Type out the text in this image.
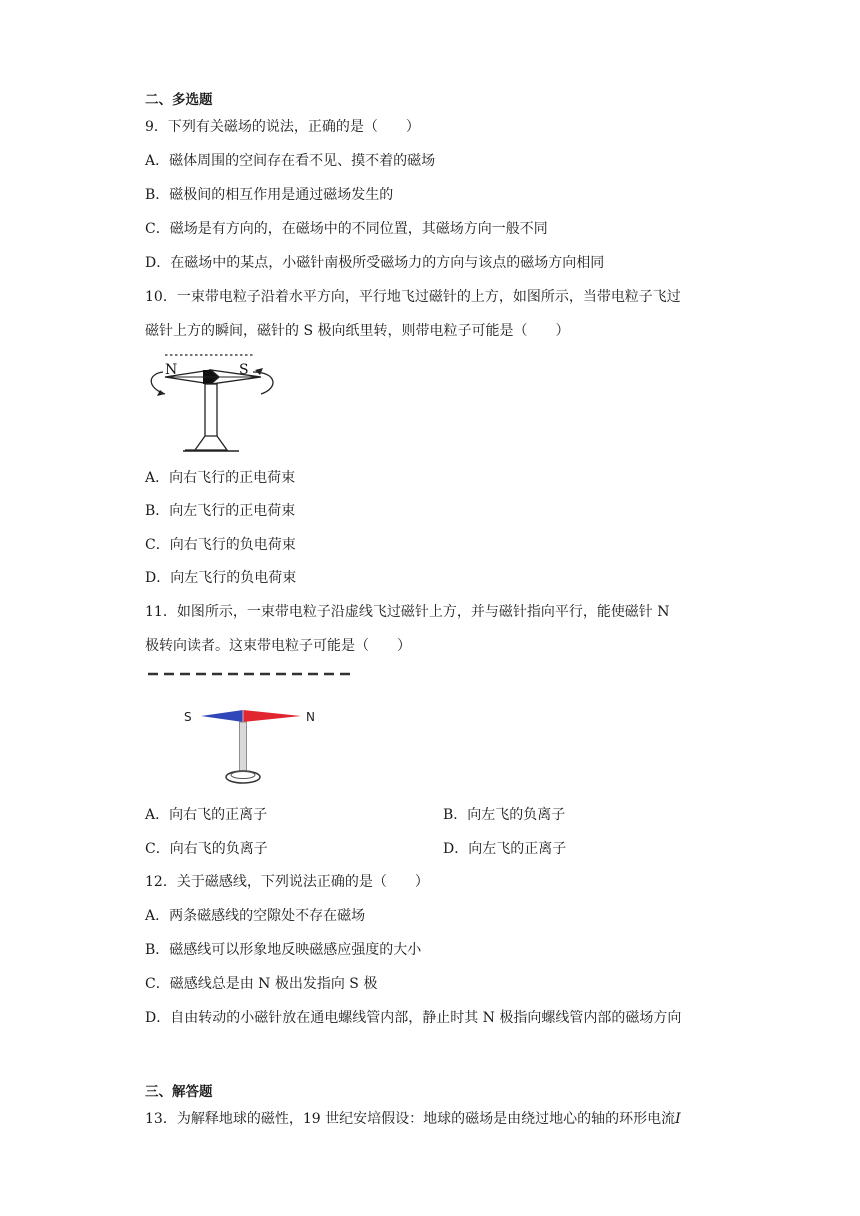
二、多选题
9．下列有关磁场的说法，正确的是（　　）
A．磁体周围的空间存在看不见、摸不着的磁场
B．磁极间的相互作用是通过磁场发生的
C．磁场是有方向的，在磁场中的不同位置，其磁场方向一般不同
D．在磁场中的某点，小磁针南极所受磁场力的方向与该点的磁场方向相同
10．一束带电粒子沿着水平方向，平行地飞过磁针的上方，如图所示，当带电粒子飞过
磁针上方的瞬间，磁针的 S 极向纸里转，则带电粒子可能是（　　）
N	S
A．向右飞行的正电荷束
B．向左飞行的正电荷束
C．向右飞行的负电荷束
D．向左飞行的负电荷束
11．如图所示，一束带电粒子沿虚线飞过磁针上方，并与磁针指向平行，能使磁针 N
极转向读者。这束带电粒子可能是（　　）
S	N
A．向右飞的正离子	B．向左飞的负离子
C．向右飞的负离子	D．向左飞的正离子
12．关于磁感线，下列说法正确的是（　　）
A．两条磁感线的空隙处不存在磁场
B．磁感线可以形象地反映磁感应强度的大小
C．磁感线总是由 N 极出发指向 S 极
D．自由转动的小磁针放在通电螺线管内部，静止时其 N 极指向螺线管内部的磁场方向
三、解答题
13．为解释地球的磁性，19 世纪安培假设：地球的磁场是由绕过地心的轴的环形电流I
